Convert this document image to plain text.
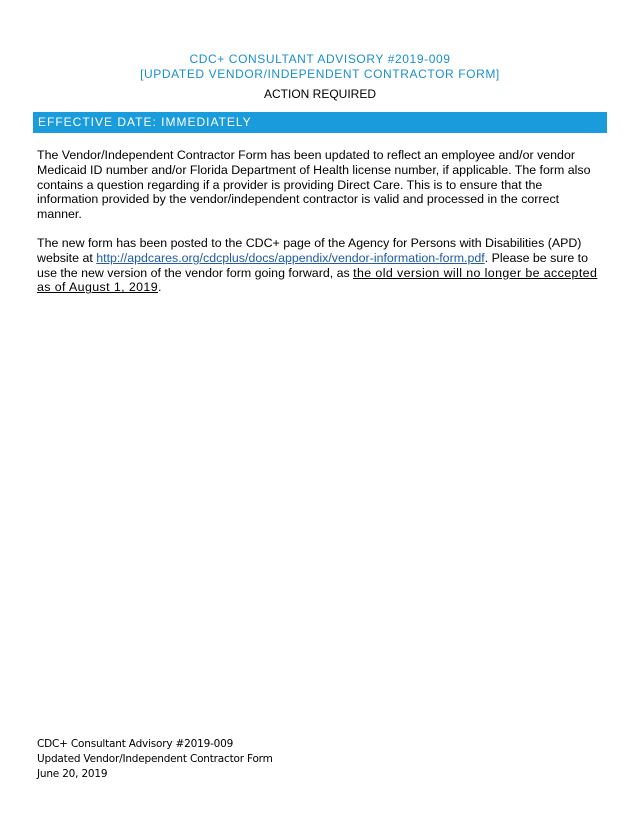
CDC+ CONSULTANT ADVISORY #2019-009
[UPDATED VENDOR/INDEPENDENT CONTRACTOR FORM]
ACTION REQUIRED
EFFECTIVE DATE: IMMEDIATELY
The Vendor/Independent Contractor Form has been updated to reflect an employee and/or vendor Medicaid ID number and/or Florida Department of Health license number, if applicable. The form also contains a question regarding if a provider is providing Direct Care. This is to ensure that the information provided by the vendor/independent contractor is valid and processed in the correct manner.
The new form has been posted to the CDC+ page of the Agency for Persons with Disabilities (APD) website at http://apdcares.org/cdcplus/docs/appendix/vendor-information-form.pdf. Please be sure to use the new version of the vendor form going forward, as the old version will no longer be accepted as of August 1, 2019.
CDC+ Consultant Advisory #2019-009
Updated Vendor/Independent Contractor Form
June 20, 2019
